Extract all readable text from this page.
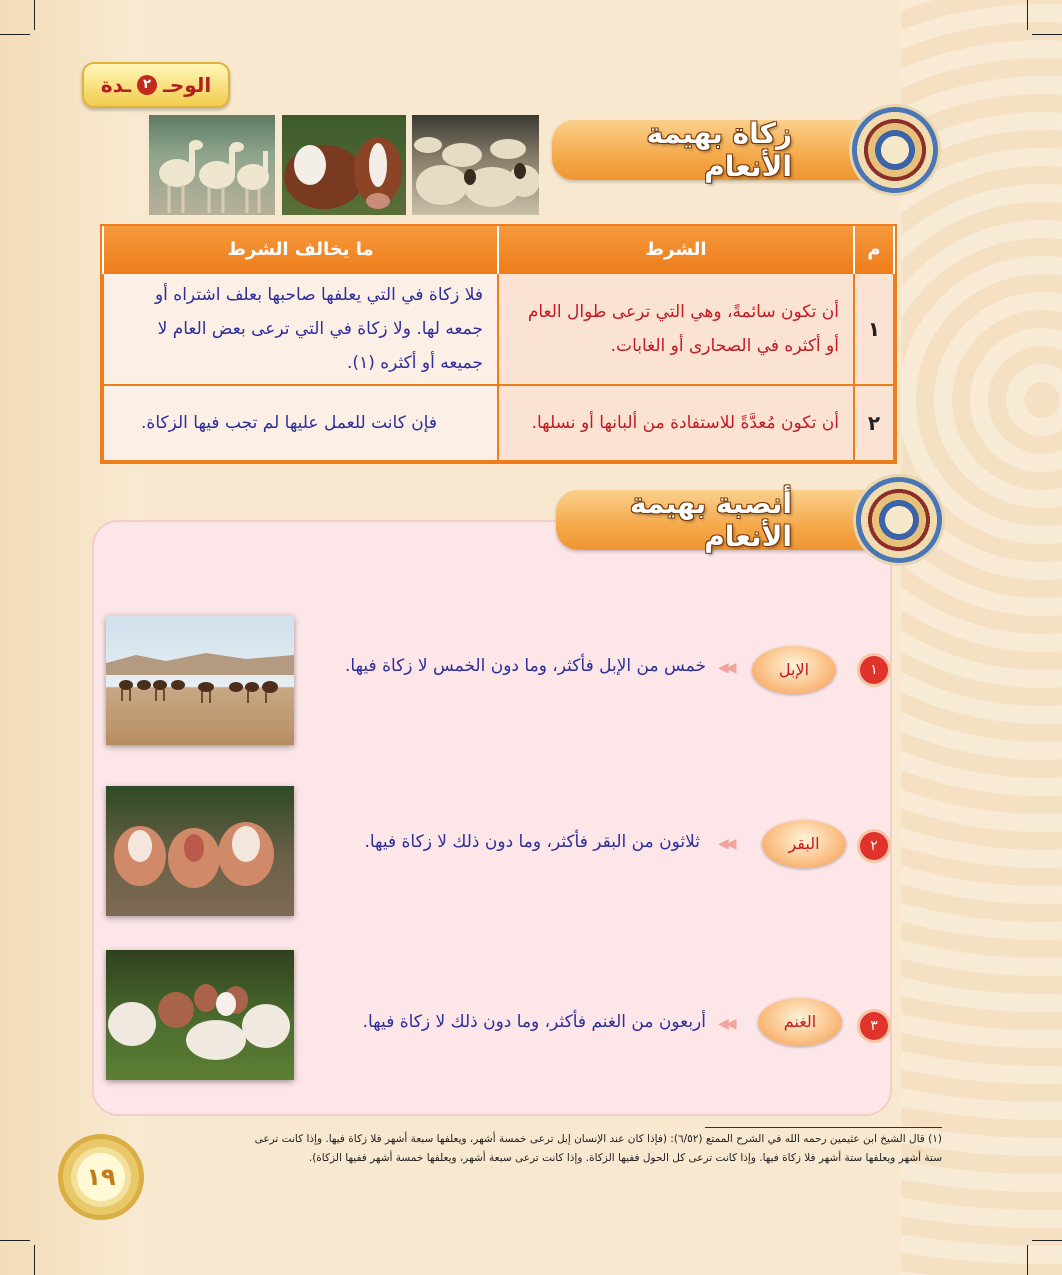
الوحـ
٢
ـدة
زكاة بهيمة الأنعام
م	الشرط	ما يخالف الشرط
١	أن تكون سائمةً، وهي التي ترعى طوال العام أو أكثره في الصحارى أو الغابات.	فلا زكاة في التي يعلفها صاحبها بعلف اشتراه أو جمعه لها. ولا زكاة في التي ترعى بعض العام لا جميعه أو أكثره (١).
٢	أن تكون مُعدَّةً للاستفادة من ألبانها أو نسلها.	فإن كانت للعمل عليها لم تجب فيها الزكاة.
أنصبة بهيمة الأنعام
خمس من الإبل فأكثر، وما دون الخمس لا زكاة فيها. ◀◀	الإبل	١
ثلاثون من البقر فأكثر، وما دون ذلك لا زكاة فيها. ◀◀	البقر	٢
أربعون من الغنم فأكثر، وما دون ذلك لا زكاة فيها. ◀◀	الغنم	٣
(١) قال الشيخ ابن عثيمين رحمه الله في الشرح الممتع (٦/٥٢): (فإذا كان عند الإنسان إبل ترعى خمسة أشهر، ويعلفها سبعة أشهر فلا زكاة فيها. وإذا كانت ترعى
ستة أشهر ويعلفها ستة أشهر فلا زكاة فيها. وإذا كانت ترعى كل الحول ففيها الزكاة. وإذا كانت ترعى سبعة أشهر، ويعلفها خمسة أشهر ففيها الزكاة).
١٩
